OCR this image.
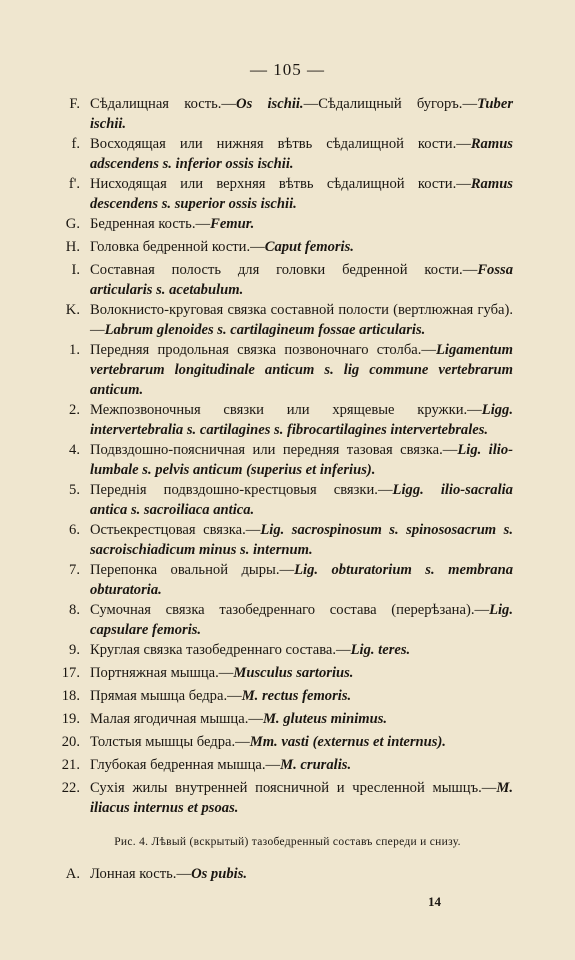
— 105 —
F. Сѣдалищная кость.—Os ischii.—Сѣдалищный бугоръ.—Tuber ischii.
f. Восходящая или нижняя вѣтвь сѣдалищной кости.—Ramus adscendens s. inferior ossis ischii.
f'. Нисходящая или верхняя вѣтвь сѣдалищной кости.—Ramus descendens s. superior ossis ischii.
G. Бедренная кость.—Femur.
H. Головка бедренной кости.—Caput femoris.
I. Составная полость для головки бедренной кости.—Fossa articularis s. acetabulum.
K. Волокнисто-круговая связка составной полости (вертлюжная губа).—Labrum glenoides s. cartilagineum fossae articularis.
1. Передняя продольная связка позвоночнаго столба.—Ligamentum vertebrarum longitudinale anticum s. lig commune vertebrarum anticum.
2. Межпозвоночныя связки или хрящевые кружки.—Ligg. intervertebralia s. cartilagines s. fibrocartilagines intervertebrales.
4. Подвздошно-поясничная или передняя тазовая связка.—Lig. ilio-lumbale s. pelvis anticum (superius et inferius).
5. Переднія подвздошно-крестцовыя связки.—Ligg. ilio-sacralia antica s. sacroiliaca antica.
6. Остьекрестцовая связка.—Lig. sacrospinosum s. spinososacrum s. sacroischiadicum minus s. internum.
7. Перепонка овальной дыры.—Lig. obturatorium s. membrana obturatoria.
8. Сумочная связка тазобедреннаго состава (перерѣзана).—Lig. capsulare femoris.
9. Круглая связка тазобедреннаго состава.—Lig. teres.
17. Портняжная мышца.—Musculus sartorius.
18. Прямая мышца бедра.—M. rectus femoris.
19. Малая ягодичная мышца.—M. gluteus minimus.
20. Толстыя мышцы бедра.—Mm. vasti (externus et internus).
21. Глубокая бедренная мышца.—M. cruralis.
22. Сухія жилы внутренней поясничной и чресленной мышцъ.—M. iliacus internus et psoas.
Рис. 4. Лѣвый (вскрытый) тазобедренный составъ спереди и снизу.
A. Лонная кость.—Os pubis.
14
